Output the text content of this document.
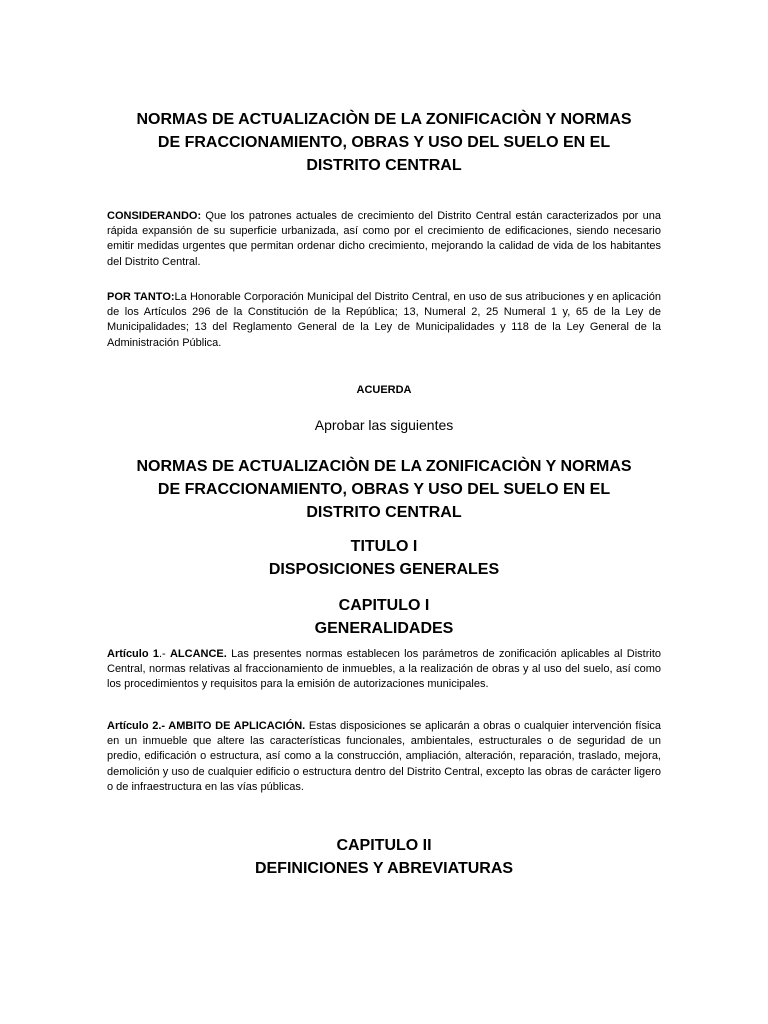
NORMAS DE ACTUALIZACIÒN DE LA ZONIFICACIÒN Y NORMAS
DE FRACCIONAMIENTO, OBRAS Y USO DEL SUELO EN EL
DISTRITO CENTRAL

CONSIDERANDO: Que los patrones actuales de crecimiento del Distrito Central están caracterizados por una rápida expansión de su superficie urbanizada, así como por el crecimiento de edificaciones, siendo necesario emitir medidas urgentes que permitan ordenar dicho crecimiento, mejorando la calidad de vida de los habitantes del Distrito Central.

POR TANTO:La Honorable Corporación Municipal del Distrito Central, en uso de sus atribuciones y en aplicación de los Artículos 296 de la Constitución de la República; 13, Numeral 2, 25 Numeral 1 y, 65 de la Ley de Municipalidades; 13 del Reglamento General de la Ley de Municipalidades y 118 de la Ley General de la Administración Pública.

ACUERDA
Aprobar las siguientes
NORMAS DE ACTUALIZACIÒN DE LA ZONIFICACIÒN Y NORMAS
DE FRACCIONAMIENTO, OBRAS Y USO DEL SUELO EN EL
DISTRITO CENTRAL
TITULO I
DISPOSICIONES GENERALES
CAPITULO I
GENERALIDADES

Artículo 1.- ALCANCE. Las presentes normas establecen los parámetros de zonificación aplicables al Distrito Central, normas relativas al fraccionamiento de inmuebles, a la realización de obras y al uso del suelo, así como los procedimientos y requisitos para la emisión de autorizaciones municipales.

Artículo 2.- AMBITO DE APLICACIÓN. Estas disposiciones se aplicarán a obras o cualquier intervención física en un inmueble que altere las características funcionales, ambientales, estructurales o de seguridad de un predio, edificación o estructura, así como a la construcción, ampliación, alteración, reparación, traslado, mejora, demolición y uso de cualquier edificio o estructura dentro del Distrito Central, excepto las obras de carácter ligero o de infraestructura en las vías públicas.

CAPITULO II
DEFINICIONES Y ABREVIATURAS
